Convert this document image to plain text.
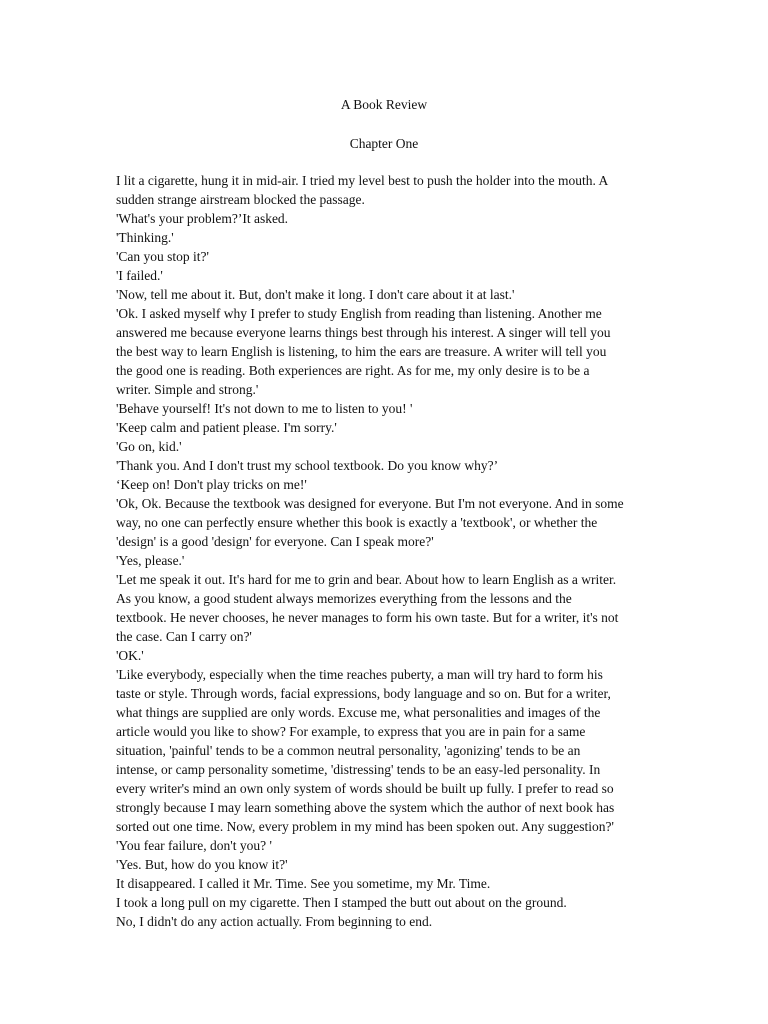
A Book Review
Chapter One
I lit a cigarette, hung it in mid-air. I tried my level best to push the holder into the mouth. A
sudden strange airstream blocked the passage.
'What's your problem?’It asked.
'Thinking.'
'Can you stop it?'
'I failed.'
'Now, tell me about it. But, don't make it long. I don't care about it at last.'
'Ok. I asked myself why I prefer to study English from reading than listening. Another me
answered me because everyone learns things best through his interest. A singer will tell you
the best way to learn English is listening, to him the ears are treasure. A writer will tell you
the good one is reading. Both experiences are right. As for me, my only desire is to be a
writer. Simple and strong.'
'Behave yourself! It's not down to me to listen to you! '
'Keep calm and patient please. I'm sorry.'
'Go on, kid.'
'Thank you. And I don't trust my school textbook. Do you know why?’
‘Keep on! Don't play tricks on me!'
'Ok, Ok. Because the textbook was designed for everyone. But I'm not everyone. And in some
way, no one can perfectly ensure whether this book is exactly a 'textbook', or whether the
'design' is a good 'design' for everyone. Can I speak more?'
'Yes, please.'
'Let me speak it out. It's hard for me to grin and bear. About how to learn English as a writer.
As you know, a good student always memorizes everything from the lessons and the
textbook. He never chooses, he never manages to form his own taste. But for a writer, it's not
the case. Can I carry on?'
'OK.'
'Like everybody, especially when the time reaches puberty, a man will try hard to form his
taste or style. Through words, facial expressions, body language and so on. But for a writer,
what things are supplied are only words. Excuse me, what personalities and images of the
article would you like to show? For example, to express that you are in pain for a same
situation, 'painful' tends to be a common neutral personality, 'agonizing' tends to be an
intense, or camp personality sometime, 'distressing' tends to be an easy-led personality. In
every writer's mind an own only system of words should be built up fully. I prefer to read so
strongly because I may learn something above the system which the author of next book has
sorted out one time. Now, every problem in my mind has been spoken out. Any suggestion?'
'You fear failure, don't you? '
'Yes. But, how do you know it?'
It disappeared. I called it Mr. Time. See you sometime, my Mr. Time.
I took a long pull on my cigarette. Then I stamped the butt out about on the ground.
No, I didn't do any action actually. From beginning to end.
